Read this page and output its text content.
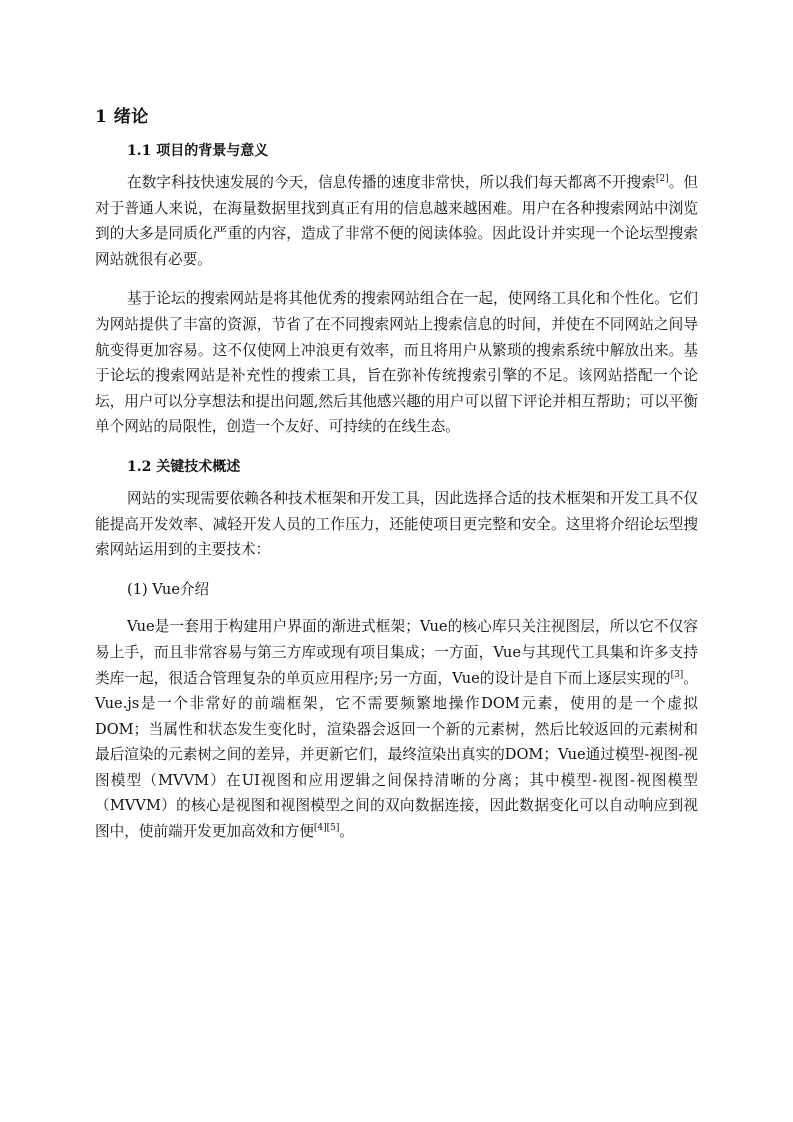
1 绪论
1.1 项目的背景与意义

在数字科技快速发展的今天，信息传播的速度非常快，所以我们每天都离不开搜索[2]。但对于普通人来说，在海量数据里找到真正有用的信息越来越困难。用户在各种搜索网站中浏览到的大多是同质化严重的内容，造成了非常不便的阅读体验。因此设计并实现一个论坛型搜索网站就很有必要。

基于论坛的搜索网站是将其他优秀的搜索网站组合在一起，使网络工具化和个性化。它们为网站提供了丰富的资源，节省了在不同搜索网站上搜索信息的时间，并使在不同网站之间导航变得更加容易。这不仅使网上冲浪更有效率，而且将用户从繁琐的搜索系统中解放出来。基于论坛的搜索网站是补充性的搜索工具，旨在弥补传统搜索引擎的不足。该网站搭配一个论坛，用户可以分享想法和提出问题,然后其他感兴趣的用户可以留下评论并相互帮助；可以平衡单个网站的局限性，创造一个友好、可持续的在线生态。

1.2 关键技术概述

网站的实现需要依赖各种技术框架和开发工具，因此选择合适的技术框架和开发工具不仅能提高开发效率、减轻开发人员的工作压力，还能使项目更完整和安全。这里将介绍论坛型搜索网站运用到的主要技术：

(1) Vue介绍

Vue是一套用于构建用户界面的渐进式框架；Vue的核心库只关注视图层，所以它不仅容易上手，而且非常容易与第三方库或现有项目集成；一方面，Vue与其现代工具集和许多支持类库一起，很适合管理复杂的单页应用程序;另一方面，Vue的设计是自下而上逐层实现的[3]。Vue.js是一个非常好的前端框架，它不需要频繁地操作DOM元素，使用的是一个虚拟DOM；当属性和状态发生变化时，渲染器会返回一个新的元素树，然后比较返回的元素树和最后渲染的元素树之间的差异，并更新它们，最终渲染出真实的DOM；Vue通过模型-视图-视图模型（MVVM）在UI视图和应用逻辑之间保持清晰的分离；其中模型-视图-视图模型（MVVM）的核心是视图和视图模型之间的双向数据连接，因此数据变化可以自动响应到视图中，使前端开发更加高效和方便[4][5]。
